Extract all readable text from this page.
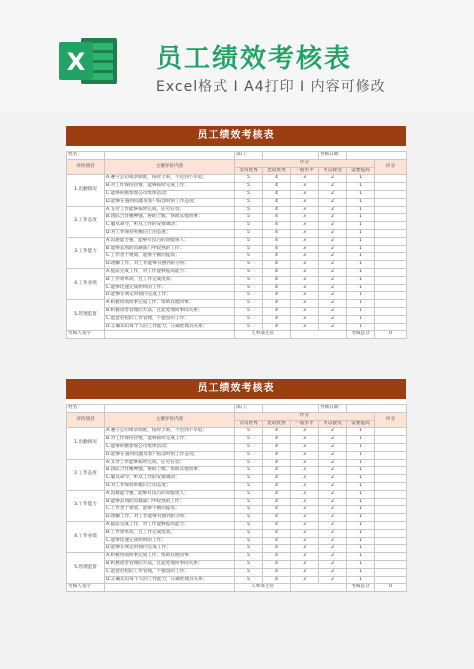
X	员工绩效考核表
Excel格式 Ⅰ A4打印 Ⅰ 内容可修改
员工绩效考核表
姓名：		部门：			考核日期：		
评价项目	主要评价内容	评分					评分
		非常优秀	比较优秀	一般水平	可以接受	需要提高	
1.出勤情况	A.遵守公司规章制度，按时上班，不迟到不早退；	5	4	3	2	1	
	B.对工作保持热情，能够按时完成工作；	5	4	3	2	1	
	C.能够积极参加公司集体活动；	5	4	3	2	1	
	D.能够在遇到问题及客户报怨时的工作态度；	5	4	3	2	1	
2.工作态度	A.支付工作能够按时完成，任劳任怨；	5	4	3	2	1	
	B.团队合作精神强，协助上级，帮助其他同事；	5	4	3	2	1	
	C.服从命令，听从工作的安排调动；	5	4	3	2	1	
	D.对工作保持积极向上的态度；	5	4	3	2	1	
3.工作能力	A.沟通能力强，能够有技巧的说服别人；	5	4	3	2	1	
	B.能够去熟的沟通部门中较熟的工作；	5	4	3	2	1	
	C.工作善于规划，能够不断的提高；	5	4	3	2	1	
	D.理解工作，对工作能够有独到的分析；	5	4	3	2	1	
4.工作业绩	A.提前完成工作，对工作能够提高能力；	5	4	3	2	1	
	B.工作效率高，且工作完成度高；	5	4	3	2	1	
	C.能够迅速完成组织的工作；	5	4	3	2	1	
	D.能够在规定时间内完成工作；	5	4	3	2	1	
5.管理监督	A.积极带领同事完成工作，帮助其他同事；	5	4	3	2	1	
	B.积极改善管理的方法，且能处理同事间关系；	5	4	3	2	1	
	C.愿意轻松的工作管理，不抱怨的工作；	5	4	3	2	1	
	D.正确认识每个人的工作能力，正确处理其关系；	5	4	3	2	1	
考核人签字		人事部主管				考核总分	0
员工绩效考核表
姓名：		部门：			考核日期：		
评价项目	主要评价内容	评分					评分
		非常优秀	比较优秀	一般水平	可以接受	需要提高	
1.出勤情况	A.遵守公司规章制度，按时上班，不迟到不早退；	5	4	3	2	1	
	B.对工作保持热情，能够按时完成工作；	5	4	3	2	1	
	C.能够积极参加公司集体活动；	5	4	3	2	1	
	D.能够在遇到问题及客户报怨时的工作态度；	5	4	3	2	1	
2.工作态度	A.支付工作能够按时完成，任劳任怨；	5	4	3	2	1	
	B.团队合作精神强，协助上级，帮助其他同事；	5	4	3	2	1	
	C.服从命令，听从工作的安排调动；	5	4	3	2	1	
	D.对工作保持积极向上的态度；	5	4	3	2	1	
3.工作能力	A.沟通能力强，能够有技巧的说服别人；	5	4	3	2	1	
	B.能够去熟的沟通部门中较熟的工作；	5	4	3	2	1	
	C.工作善于规划，能够不断的提高；	5	4	3	2	1	
	D.理解工作，对工作能够有独到的分析；	5	4	3	2	1	
4.工作业绩	A.提前完成工作，对工作能够提高能力；	5	4	3	2	1	
	B.工作效率高，且工作完成度高；	5	4	3	2	1	
	C.能够迅速完成组织的工作；	5	4	3	2	1	
	D.能够在规定时间内完成工作；	5	4	3	2	1	
5.管理监督	A.积极带领同事完成工作，帮助其他同事；	5	4	3	2	1	
	B.积极改善管理的方法，且能处理同事间关系；	5	4	3	2	1	
	C.愿意轻松的工作管理，不抱怨的工作；	5	4	3	2	1	
	D.正确认识每个人的工作能力，正确处理其关系；	5	4	3	2	1	
考核人签字		人事部主管				考核总分	0
